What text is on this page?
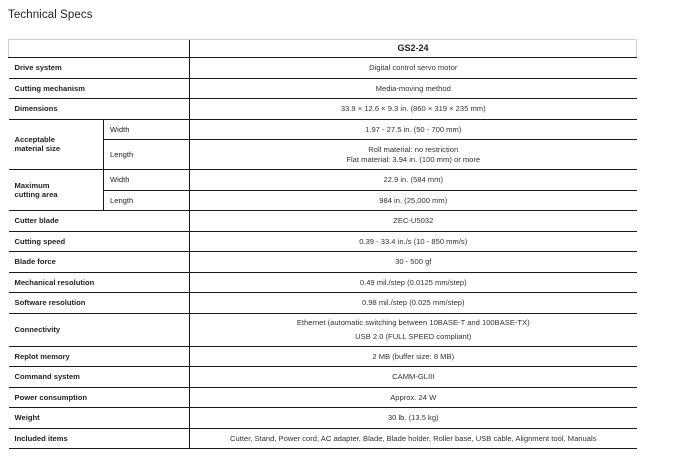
Technical Specs
		GS2-24
Drive system		Digital control servo motor
Cutting mechanism		Media-moving method
Dimensions		33.9 × 12.6 × 9.3 in. (860 × 319 × 235 mm)

Acceptable
material size	Width	1.97 - 27.5 in. (50 - 700 mm)
	Length	Roll material: no restriction
Flat material: 3.94 in. (100 mm) or more

Maximum
cutting area	Width	22.9 in. (584 mm)
	Length	984 in. (25,000 mm)
Cutter blade		ZEC-U5032
Cutting speed		0.39 - 33.4 in./s (10 - 850 mm/s)
Blade force		30 - 500 gf
Mechanical resolution		0.49 mil./step (0.0125 mm/step)
Software resolution		0.98 mil./step (0.025 mm/step)
Connectivity		Ethernet (automatic switching between 10BASE-T and 100BASE-TX)
USB 2.0 (FULL SPEED compliant)

Replot memory		2 MB (buffer size: 8 MB)
Command system		CAMM-GLIII
Power consumption		Approx. 24 W
Weight		30 lb. (13.5 kg)
Included items		Cutter, Stand, Power cord, AC adapter, Blade, Blade holder, Roller base, USB cable, Alignment tool, Manuals
